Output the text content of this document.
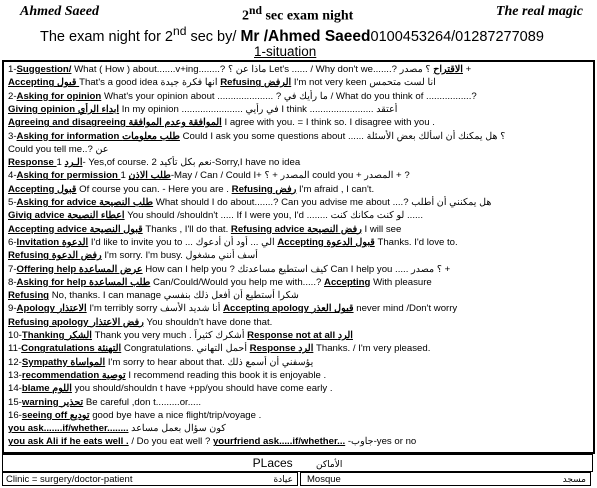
Ahmed Saeed	2nd sec exam night	The real magic
The exam night for 2nd sec by/ Mr /Ahmed Saeed0100453264/01287277089
1-situation
1-Suggestion/ What ( How ) about.......v+ing........? ماذا عن ؟ Let's ...... / Why don't we.......?	الاقتراح ؟ مصدر +
Accepting قبول That's a good idea انها فكرة جيدة Refusing الرفض I'm not very keen انا لست متحمس
2-Asking for opinion What's your opinion about ..................... ? ما رأيك في / What do you think of .................?
Giving opinion ابداء الرأي In my opinion ....................... في رأيي I think ........................ أعتقد
Agreeing and disagreeing الموافقة وعدم الموافقة I agree with you. = I think so. I disagree with you .
3-Asking for information طلب معلومات Could I ask you some questions about ...... ؟ هل يمكنك أن اسألك بعض الأسئلة
Could you tell me..? عن
Response الـرد 1- Yes,of course. نعم بكل تأكيد 2-Sorry,I have no idea
4-Asking for permission طلب الاذن 1-May / Can / Could I+ المصدر + ؟ could you + المصدر + ?
Accepting قبول Of course you can. - Here you are . Refusing رفض I'm afraid , I can't.
5-Asking for advice طلب النصيحة What should I do about.......? Can you advise me about ....? هل يمكنني أن أطلب
Givig advice اعطاء النصيحة You should /shouldn't ..... If I were you, I'd ........ لو كنت مكانك كنت ......
Accepting advice قبول النصيحة Thanks , I'll do that. Refusing advice رفض النصيحة I will see
6-Invitation الدعوة I'd like to invite you to ... الي ... أود أن أدعوك Accepting قبول الدعوة Thanks. I'd love to.
Refusing رفض الدعوة I'm sorry. I'm busy. أسف أنني مشغول
7-Offering help عرض المساعدة How can I help you ? كيف استطيع مساعدتك Can I help you ..... ؟ مصدر +
8-Asking for help طلب المساعدة Can/Could/Would you help me with.....? Accepting With pleasure
Refusing No, thanks. I can manage شكرا أستطيع أن أفعل ذلك بنفسي
9-Apology الاعتذار I'm terribly sorry أنا شديد الأسف Accepting apology قبول العذر never mind /Don't worry
Refusing apology رفض الاعتذار You shouldn't have done that.
10-Thanking الشكر Thank you very much . أشكرك كثيراً Response not at all الرد
11-Congratulations التهنئة Congratulations. أحمل التهاني Response الرد Thanks. / I'm very pleased.
12-Sympathy المواساة I'm sorry to hear about that. يؤسفني أن أسمع ذلك
13-recommendation توصية I recommend reading this book it is enjoyable .
14-blame اللوم you should/shouldn t have +pp/you should have come early .
15-warning تحذير Be careful ,don t.........or.....
16-seeing off توديع good bye have a nice flight/trip/voyage .
you ask.......if/whether........ كون سؤال بعمل مساعد
you ask Ali if he eats well . / Do you eat well ? yourfriend ask.....if/whether... -جاوب-yes or no
PLaces	الأماكن
Clinic = surgery/doctor-patient	عيادة	Mosque	مسجد
